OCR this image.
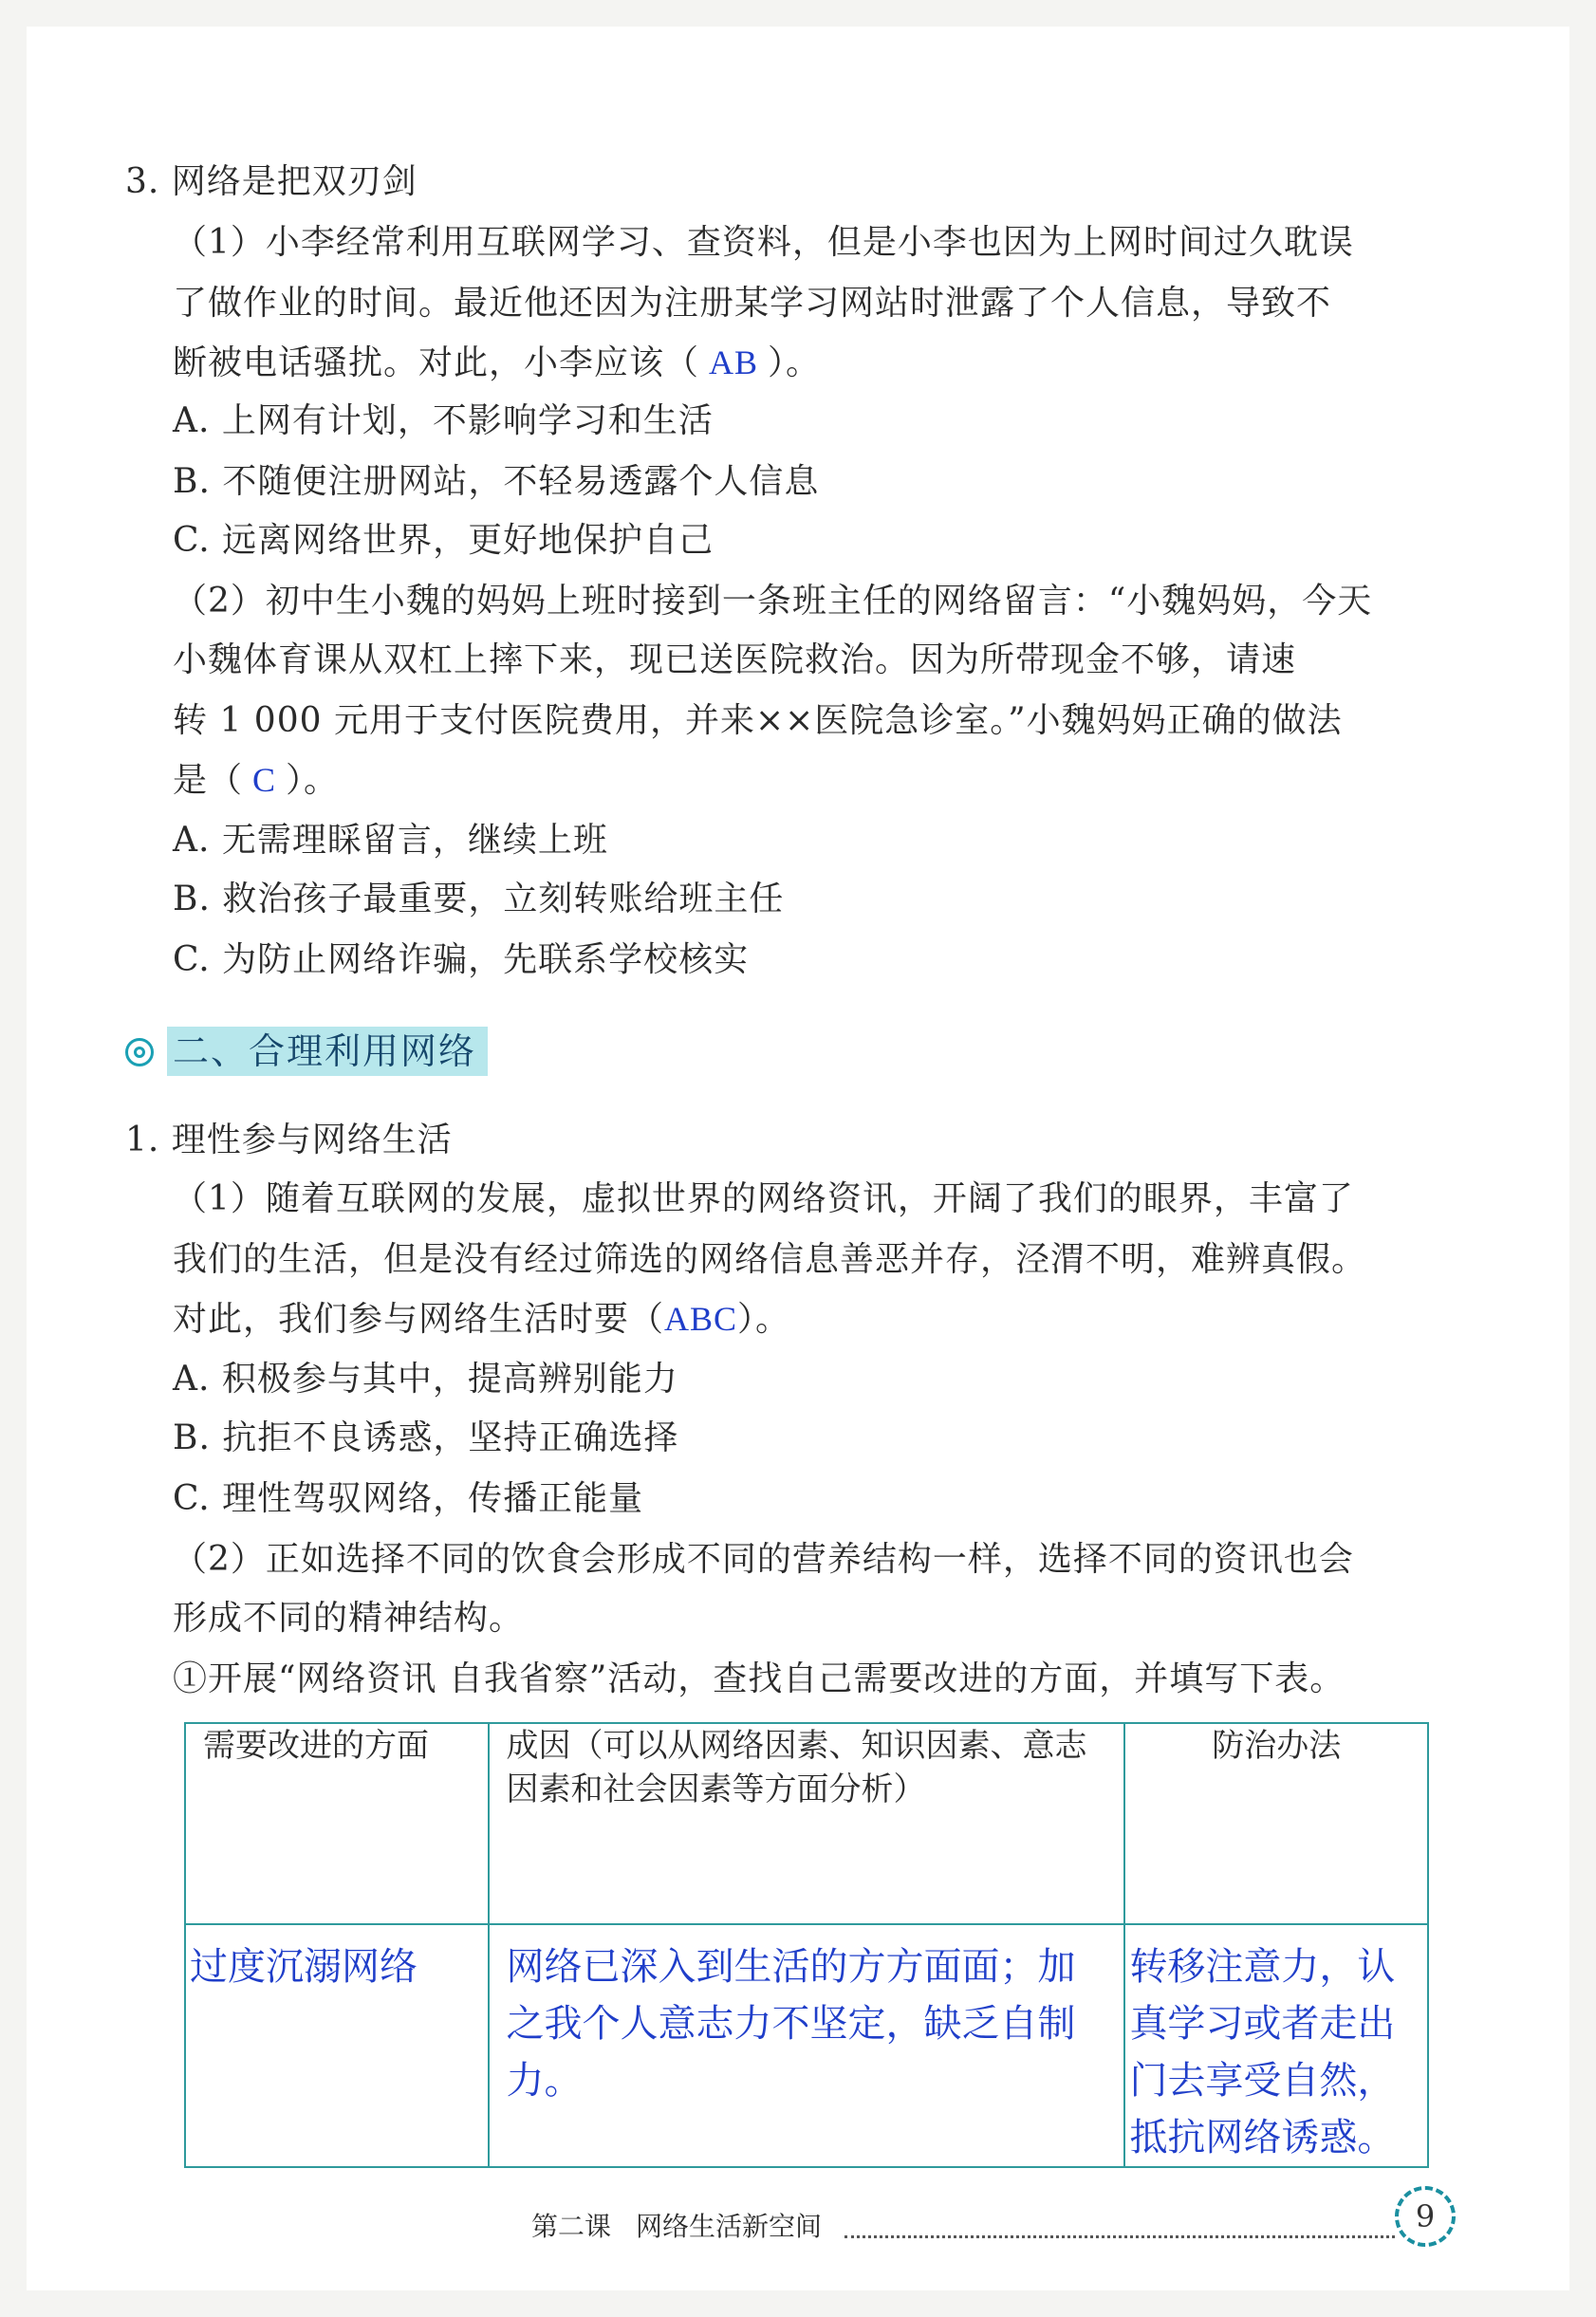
3. 网络是把双刃剑
（1）小李经常利用互联网学习、查资料，但是小李也因为上网时间过久耽误
了做作业的时间。最近他还因为注册某学习网站时泄露了个人信息，导致不
断被电话骚扰。对此，小李应该（ AB ）。
A. 上网有计划，不影响学习和生活
B. 不随便注册网站，不轻易透露个人信息
C. 远离网络世界，更好地保护自己
（2）初中生小魏的妈妈上班时接到一条班主任的网络留言：“小魏妈妈，今天
小魏体育课从双杠上摔下来，现已送医院救治。因为所带现金不够，请速
转 1 000 元用于支付医院费用，并来××医院急诊室。”小魏妈妈正确的做法
是（ C ）。
A. 无需理睬留言，继续上班
B. 救治孩子最重要，立刻转账给班主任
C. 为防止网络诈骗，先联系学校核实
二、合理利用网络
1. 理性参与网络生活
（1）随着互联网的发展，虚拟世界的网络资讯，开阔了我们的眼界，丰富了
我们的生活，但是没有经过筛选的网络信息善恶并存，泾渭不明，难辨真假。
对此，我们参与网络生活时要（ABC）。
A. 积极参与其中，提高辨别能力
B. 抗拒不良诱惑，坚持正确选择
C. 理性驾驭网络，传播正能量
（2）正如选择不同的饮食会形成不同的营养结构一样，选择不同的资讯也会
形成不同的精神结构。
①开展“网络资讯 自我省察”活动，查找自己需要改进的方面，并填写下表。
需要改进的方面	成因（可以从网络因素、知识因素、意志因素和社会因素等方面分析）	防治办法

过度沉溺网络	网络已深入到生活的方方面面；加之我个人意志力不坚定，缺乏自制力。	转移注意力，认真学习或者走出门去享受自然，抵抗网络诱惑。
第二课 网络生活新空间	9
